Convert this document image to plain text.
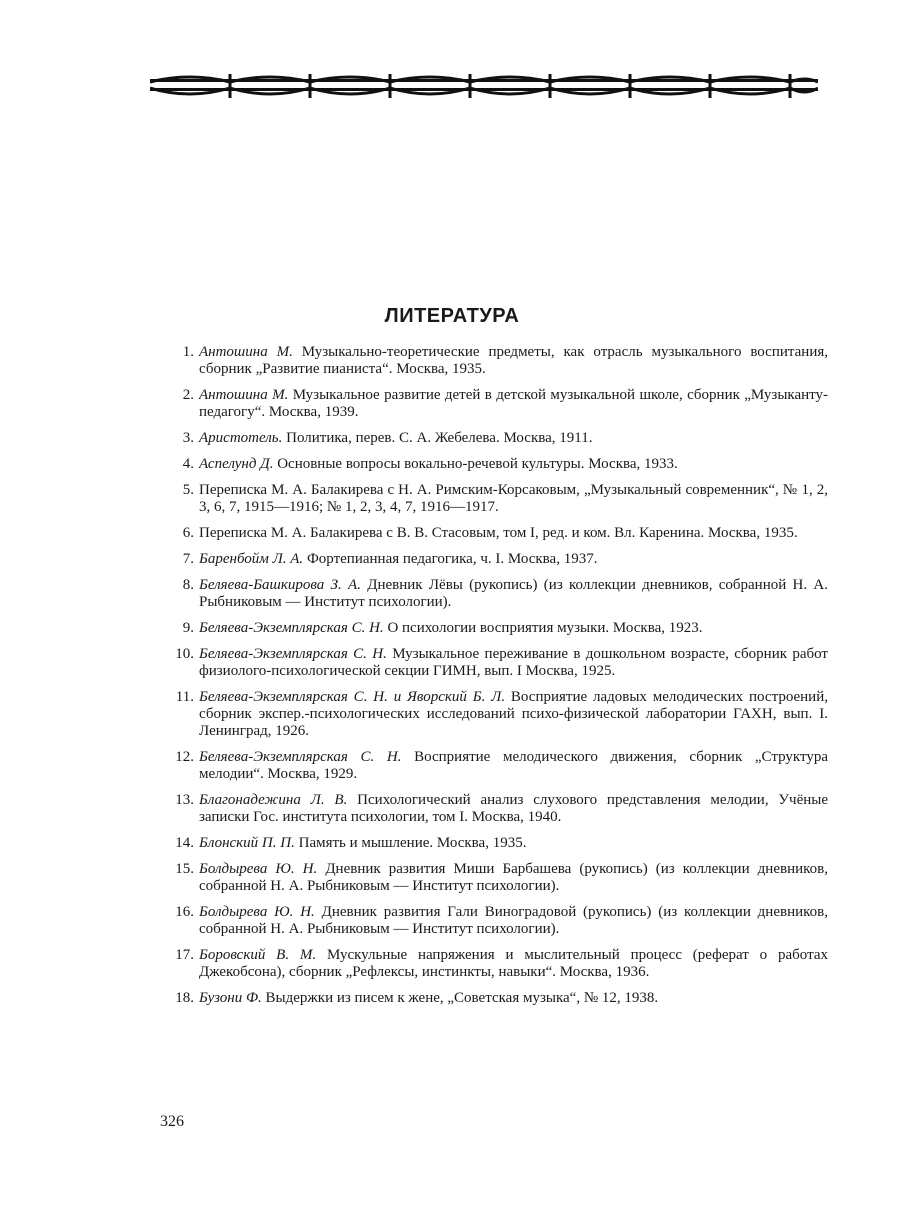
ЛИТЕРАТУРА
1. Антошина М. Музыкально-теоретические предметы, как отрасль музыкального воспитания, сборник „Развитие пианиста“. Москва, 1935.
2. Антошина М. Музыкальное развитие детей в детской музыкальной школе, сборник „Музыканту-педагогу“. Москва, 1939.
3. Аристотель. Политика, перев. С. А. Жебелева. Москва, 1911.
4. Аспелунд Д. Основные вопросы вокально-речевой культуры. Москва, 1933.
5. Переписка М. А. Балакирева с Н. А. Римским-Корсаковым, „Музыкальный современник“, № 1, 2, 3, 6, 7, 1915—1916; № 1, 2, 3, 4, 7, 1916—1917.
6. Переписка М. А. Балакирева с В. В. Стасовым, том I, ред. и ком. Вл. Каренина. Москва, 1935.
7. Баренбойм Л. А. Фортепианная педагогика, ч. I. Москва, 1937.
8. Беляева-Башкирова З. А. Дневник Лёвы (рукопись) (из коллекции дневников, собранной Н. А. Рыбниковым — Институт психологии).
9. Беляева-Экземплярская С. Н. О психологии восприятия музыки. Москва, 1923.
10. Беляева-Экземплярская С. Н. Музыкальное переживание в дошкольном возрасте, сборник работ физиолого-психологической секции ГИМН, вып. I Москва, 1925.
11. Беляева-Экземплярская С. Н. и Яворский Б. Л. Восприятие ладовых мелодических построений, сборник экспер.-психологических исследований психо-физической лаборатории ГАХН, вып. I. Ленинград, 1926.
12. Беляева-Экземплярская С. Н. Восприятие мелодического движения, сборник „Структура мелодии“. Москва, 1929.
13. Благонадежина Л. В. Психологический анализ слухового представления мелодии, Учёные записки Гос. института психологии, том I. Москва, 1940.
14. Блонский П. П. Память и мышление. Москва, 1935.
15. Болдырева Ю. Н. Дневник развития Миши Барбашева (рукопись) (из коллекции дневников, собранной Н. А. Рыбниковым — Институт психологии).
16. Болдырева Ю. Н. Дневник развития Гали Виноградовой (рукопись) (из коллекции дневников, собранной Н. А. Рыбниковым — Институт психологии).
17. Боровский В. М. Мускульные напряжения и мыслительный процесс (реферат о работах Джекобсона), сборник „Рефлексы, инстинкты, навыки“. Москва, 1936.
18. Бузони Ф. Выдержки из писем к жене, „Советская музыка“, № 12, 1938.
326
